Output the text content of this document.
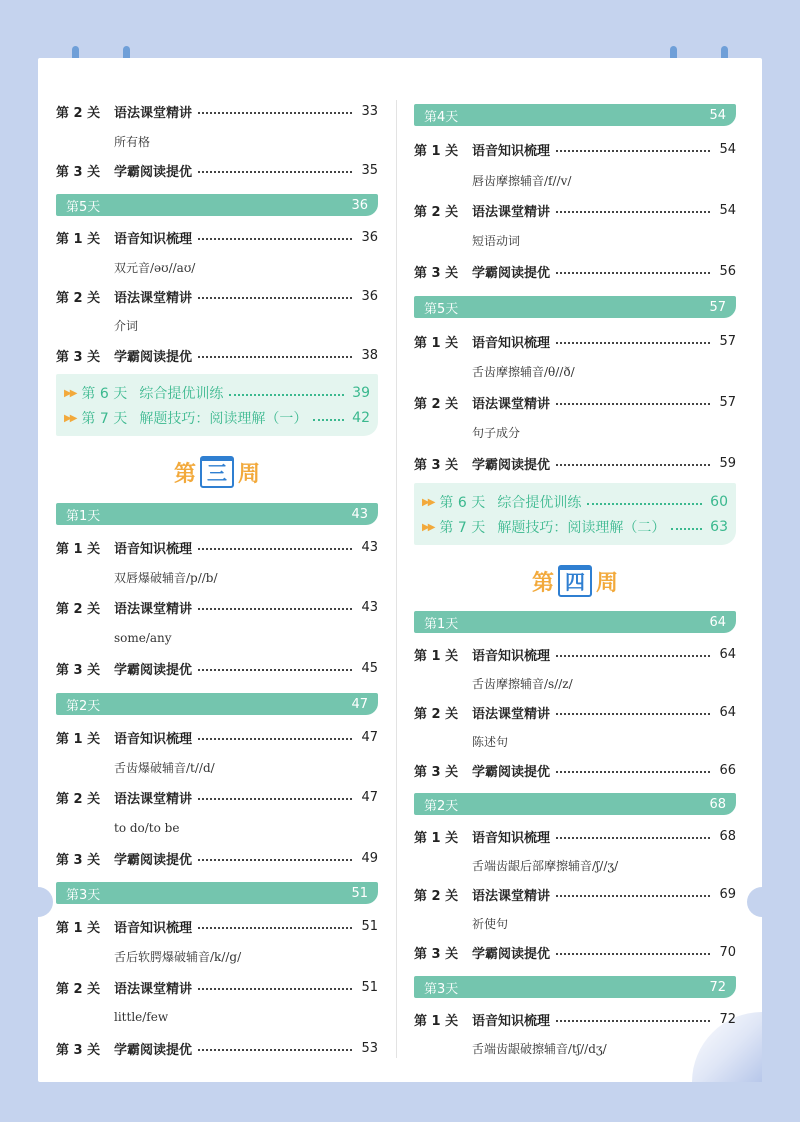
第 2 关	语法课堂精讲	33
所有格
第 3 关	学霸阅读提优	35
第5天	36
第 1 关	语音知识梳理	36
双元音/əʊ//aʊ/
第 2 关	语法课堂精讲	36
介词
第 3 关	学霸阅读提优	38
▶▶ 第 6 天 综合提优训练	39
▶▶ 第 7 天 解题技巧：阅读理解（一）	42
第 三 周
第1天	43
第 1 关	语音知识梳理	43
双唇爆破辅音/p//b/
第 2 关	语法课堂精讲	43
some/any
第 3 关	学霸阅读提优	45
第2天	47
第 1 关	语音知识梳理	47
舌齿爆破辅音/t//d/
第 2 关	语法课堂精讲	47
to do/to be
第 3 关	学霸阅读提优	49
第3天	51
第 1 关	语音知识梳理	51
舌后软腭爆破辅音/k//g/
第 2 关	语法课堂精讲	51
little/few
第 3 关	学霸阅读提优	53
第4天	54
第 1 关	语音知识梳理	54
唇齿摩擦辅音/f//v/
第 2 关	语法课堂精讲	54
短语动词
第 3 关	学霸阅读提优	56
第5天	57
第 1 关	语音知识梳理	57
舌齿摩擦辅音/θ//ð/
第 2 关	语法课堂精讲	57
句子成分
第 3 关	学霸阅读提优	59
▶▶ 第 6 天 综合提优训练	60
▶▶ 第 7 天 解题技巧：阅读理解（二）	63
第 四 周
第1天	64
第 1 关	语音知识梳理	64
舌齿摩擦辅音/s//z/
第 2 关	语法课堂精讲	64
陈述句
第 3 关	学霸阅读提优	66
第2天	68
第 1 关	语音知识梳理	68
舌端齿龈后部摩擦辅音/ʃ//ʒ/
第 2 关	语法课堂精讲	69
祈使句
第 3 关	学霸阅读提优	70
第3天	72
第 1 关	语音知识梳理	72
舌端齿龈破擦辅音/tʃ//dʒ/
